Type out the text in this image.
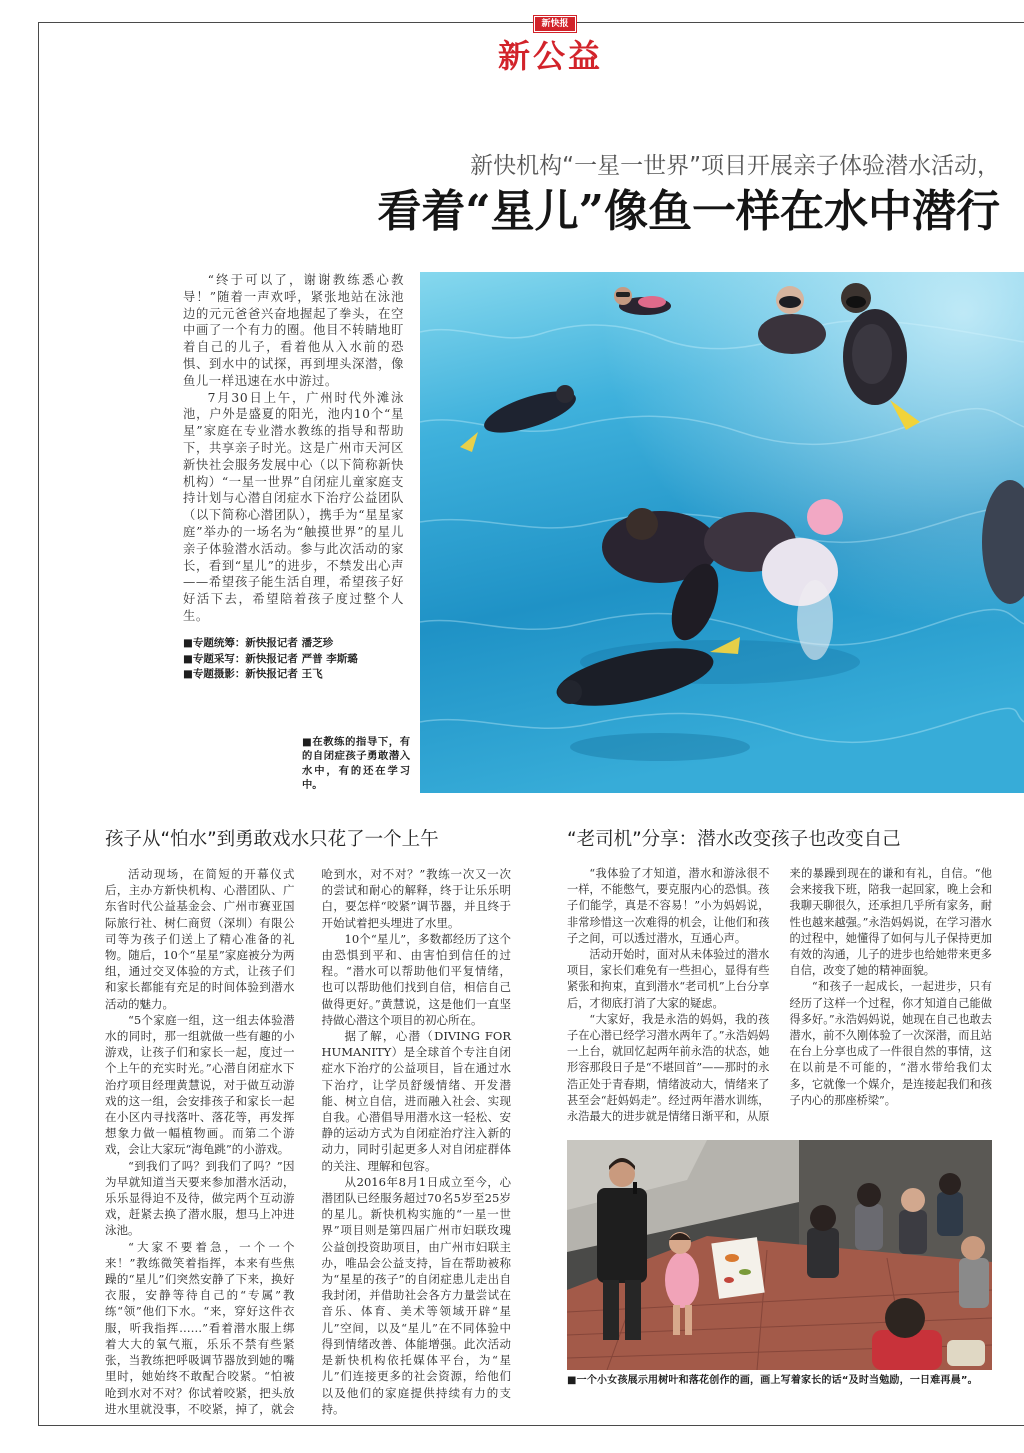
新快报
新公益
新快机构“一星一世界”项目开展亲子体验潜水活动，
看着“星儿”像鱼一样在水中潜行

“终于可以了，谢谢教练悉心教导！”随着一声欢呼，紧张地站在泳池边的元元爸爸兴奋地握起了拳头，在空中画了一个有力的圈。他目不转睛地盯着自己的儿子，看着他从入水前的恐惧、到水中的试探，再到埋头深潜，像鱼儿一样迅速在水中游过。

7月30日上午，广州时代外滩泳池，户外是盛夏的阳光，池内10个“星星”家庭在专业潜水教练的指导和帮助下，共享亲子时光。这是广州市天河区新快社会服务发展中心（以下简称新快机构）“一星一世界”自闭症儿童家庭支持计划与心潜自闭症水下治疗公益团队（以下简称心潜团队），携手为“星星家庭”举办的一场名为“触摸世界”的星儿亲子体验潜水活动。参与此次活动的家长，看到“星儿”的进步，不禁发出心声——希望孩子能生活自理，希望孩子好好活下去，希望陪着孩子度过整个人生。

■专题统筹：新快报记者 潘芝珍
■专题采写：新快报记者 严普 李斯璐
■专题摄影：新快报记者 王飞
■在教练的指导下，有的自闭症孩子勇敢潜入水中，有的还在学习中。
孩子从“怕水”到勇敢戏水只花了一个上午

活动现场，在简短的开幕仪式后，主办方新快机构、心潜团队、广东省时代公益基金会、广州市赛亚国际旅行社、树仁商贸（深圳）有限公司等为孩子们送上了精心准备的礼物。随后，10个“星星”家庭被分为两组，通过交叉体验的方式，让孩子们和家长都能有充足的时间体验到潜水活动的魅力。

“5个家庭一组，这一组去体验潜水的同时，那一组就做一些有趣的小游戏，让孩子们和家长一起，度过一个上午的充实时光。”心潜自闭症水下治疗项目经理黄慧说，对于做互动游戏的这一组，会安排孩子和家长一起在小区内寻找落叶、落花等，再发挥想象力做一幅植物画。而第二个游戏，会让大家玩“海龟跳”的小游戏。

“到我们了吗？到我们了吗？”因为早就知道当天要来参加潜水活动，乐乐显得迫不及待，做完两个互动游戏，赶紧去换了潜水服，想马上冲进泳池。

“大家不要着急，一个一个来！”教练微笑着指挥，本来有些焦躁的“星儿”们突然安静了下来，换好衣服，安静等待自己的“专属”教练“领”他们下水。“来，穿好这件衣服，听我指挥……”看着潜水服上绑着大大的氧气瓶，乐乐不禁有些紧张，当教练把呼吸调节器放到她的嘴里时，她始终不敢配合咬紧。“怕被呛到水对不对？你试着咬紧，把头放进水里就没事，不咬紧，掉了，就会呛到水，对不对？”教练一次又一次的尝试和耐心的解释，终于让乐乐明白，要怎样“咬紧”调节器，并且终于开始试着把头埋进了水里。

10个“星儿”，多数都经历了这个由恐惧到平和、由害怕到信任的过程。“潜水可以帮助他们平复情绪，也可以帮助他们找到自信，相信自己做得更好。”黄慧说，这是他们一直坚持做心潜这个项目的初心所在。

据了解，心潜（DIVING FOR HUMANITY）是全球首个专注自闭症水下治疗的公益项目，旨在通过水下治疗，让学员舒缓情绪、开发潜能、树立自信，进而融入社会、实现自我。心潜倡导用潜水这一轻松、安静的运动方式为自闭症治疗注入新的动力，同时引起更多人对自闭症群体的关注、理解和包容。

从2016年8月1日成立至今，心潜团队已经服务超过70名5岁至25岁的星儿。新快机构实施的“一星一世界”项目则是第四届广州市妇联玫瑰公益创投资助项目，由广州市妇联主办，唯品会公益支持，旨在帮助被称为“星星的孩子”的自闭症患儿走出自我封闭，并借助社会各方力量尝试在音乐、体育、美术等领域开辟“星儿”空间，以及“星儿”在不同体验中得到情绪改善、体能增强。此次活动是新快机构依托媒体平台，为“星儿”们连接更多的社会资源，给他们以及他们的家庭提供持续有力的支持。

“老司机”分享：潜水改变孩子也改变自己

“我体验了才知道，潜水和游泳很不一样，不能憋气，要克服内心的恐惧。孩子们能学，真是不容易！”小为妈妈说，非常珍惜这一次难得的机会，让他们和孩子之间，可以透过潜水，互通心声。

活动开始时，面对从未体验过的潜水项目，家长们难免有一些担心，显得有些紧张和拘束，直到潜水“老司机”上台分享后，才彻底打消了大家的疑虑。

“大家好，我是永浩的妈妈，我的孩子在心潜已经学习潜水两年了。”永浩妈妈一上台，就回忆起两年前永浩的状态，她形容那段日子是“不堪回首”——那时的永浩正处于青春期，情绪波动大，情绪来了甚至会“赶妈妈走”。经过两年潜水训练，永浩最大的进步就是情绪日渐平和，从原来的暴躁到现在的谦和有礼，自信。“他会来接我下班，陪我一起回家，晚上会和我聊天聊很久，还承担几乎所有家务，耐性也越来越强。”永浩妈妈说，在学习潜水的过程中，她懂得了如何与儿子保持更加有效的沟通，儿子的进步也给她带来更多自信，改变了她的精神面貌。

“和孩子一起成长，一起进步，只有经历了这样一个过程，你才知道自己能做得多好。”永浩妈妈说，她现在自己也敢去潜水，前不久刚体验了一次深潜，而且站在台上分享也成了一件很自然的事情，这在以前是不可能的，“潜水带给我们太多，它就像一个媒介，是连接起我们和孩子内心的那座桥梁”。

■一个小女孩展示用树叶和落花创作的画，画上写着家长的话“及时当勉励，一日难再晨”。
